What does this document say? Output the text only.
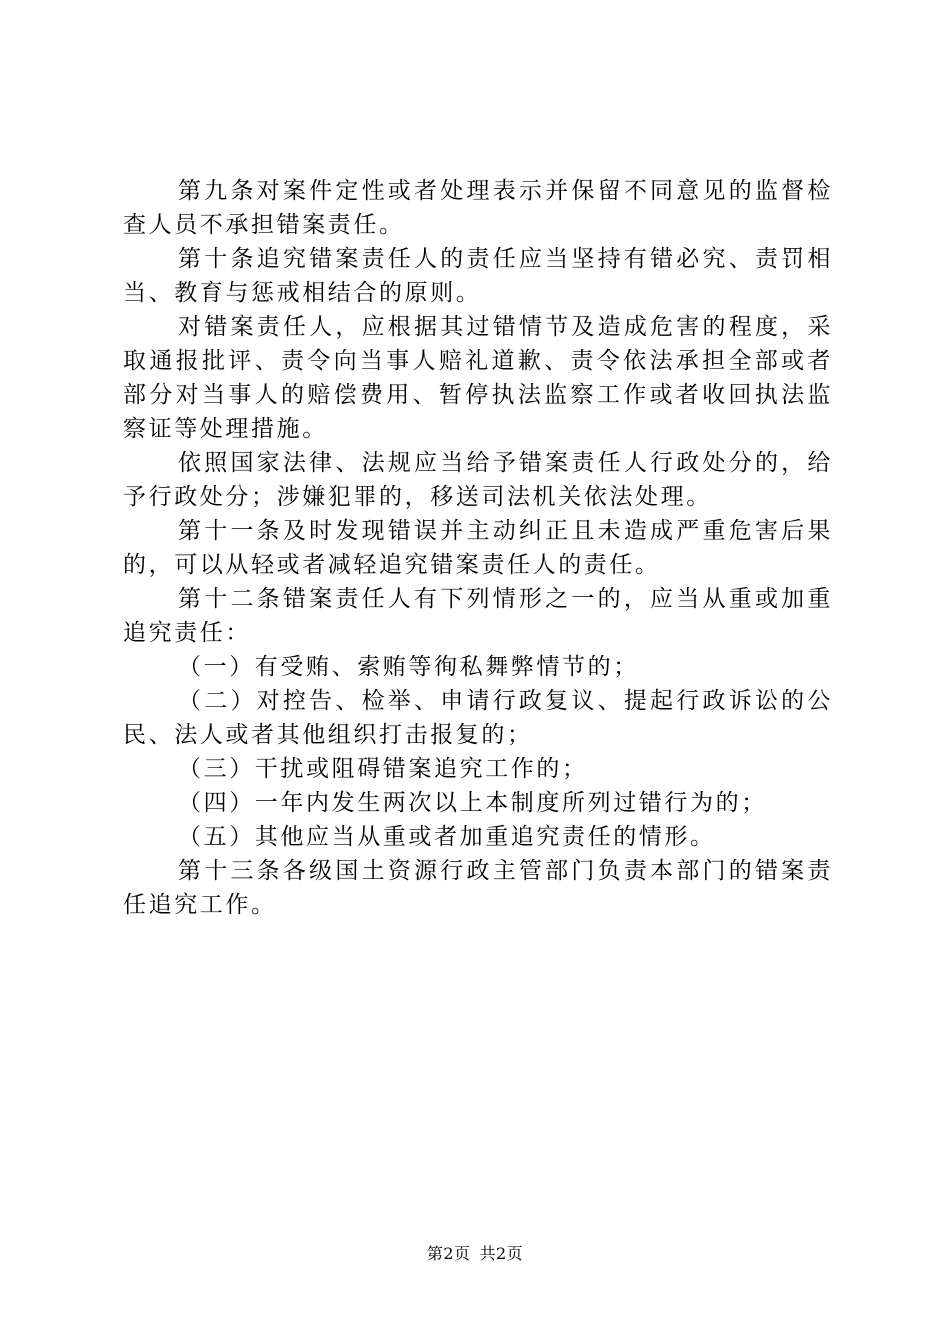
第九条对案件定性或者处理表示并保留不同意见的监督检查人员不承担错案责任。

第十条追究错案责任人的责任应当坚持有错必究、责罚相当、教育与惩戒相结合的原则。

对错案责任人，应根据其过错情节及造成危害的程度，采取通报批评、责令向当事人赔礼道歉、责令依法承担全部或者部分对当事人的赔偿费用、暂停执法监察工作或者收回执法监察证等处理措施。

依照国家法律、法规应当给予错案责任人行政处分的，给予行政处分；涉嫌犯罪的，移送司法机关依法处理。

第十一条及时发现错误并主动纠正且未造成严重危害后果的，可以从轻或者减轻追究错案责任人的责任。

第十二条错案责任人有下列情形之一的，应当从重或加重追究责任：

（一）有受贿、索贿等徇私舞弊情节的；

（二）对控告、检举、申请行政复议、提起行政诉讼的公民、法人或者其他组织打击报复的；

（三）干扰或阻碍错案追究工作的；

（四）一年内发生两次以上本制度所列过错行为的；

（五）其他应当从重或者加重追究责任的情形。

第十三条各级国土资源行政主管部门负责本部门的错案责任追究工作。

第2页 共2页
